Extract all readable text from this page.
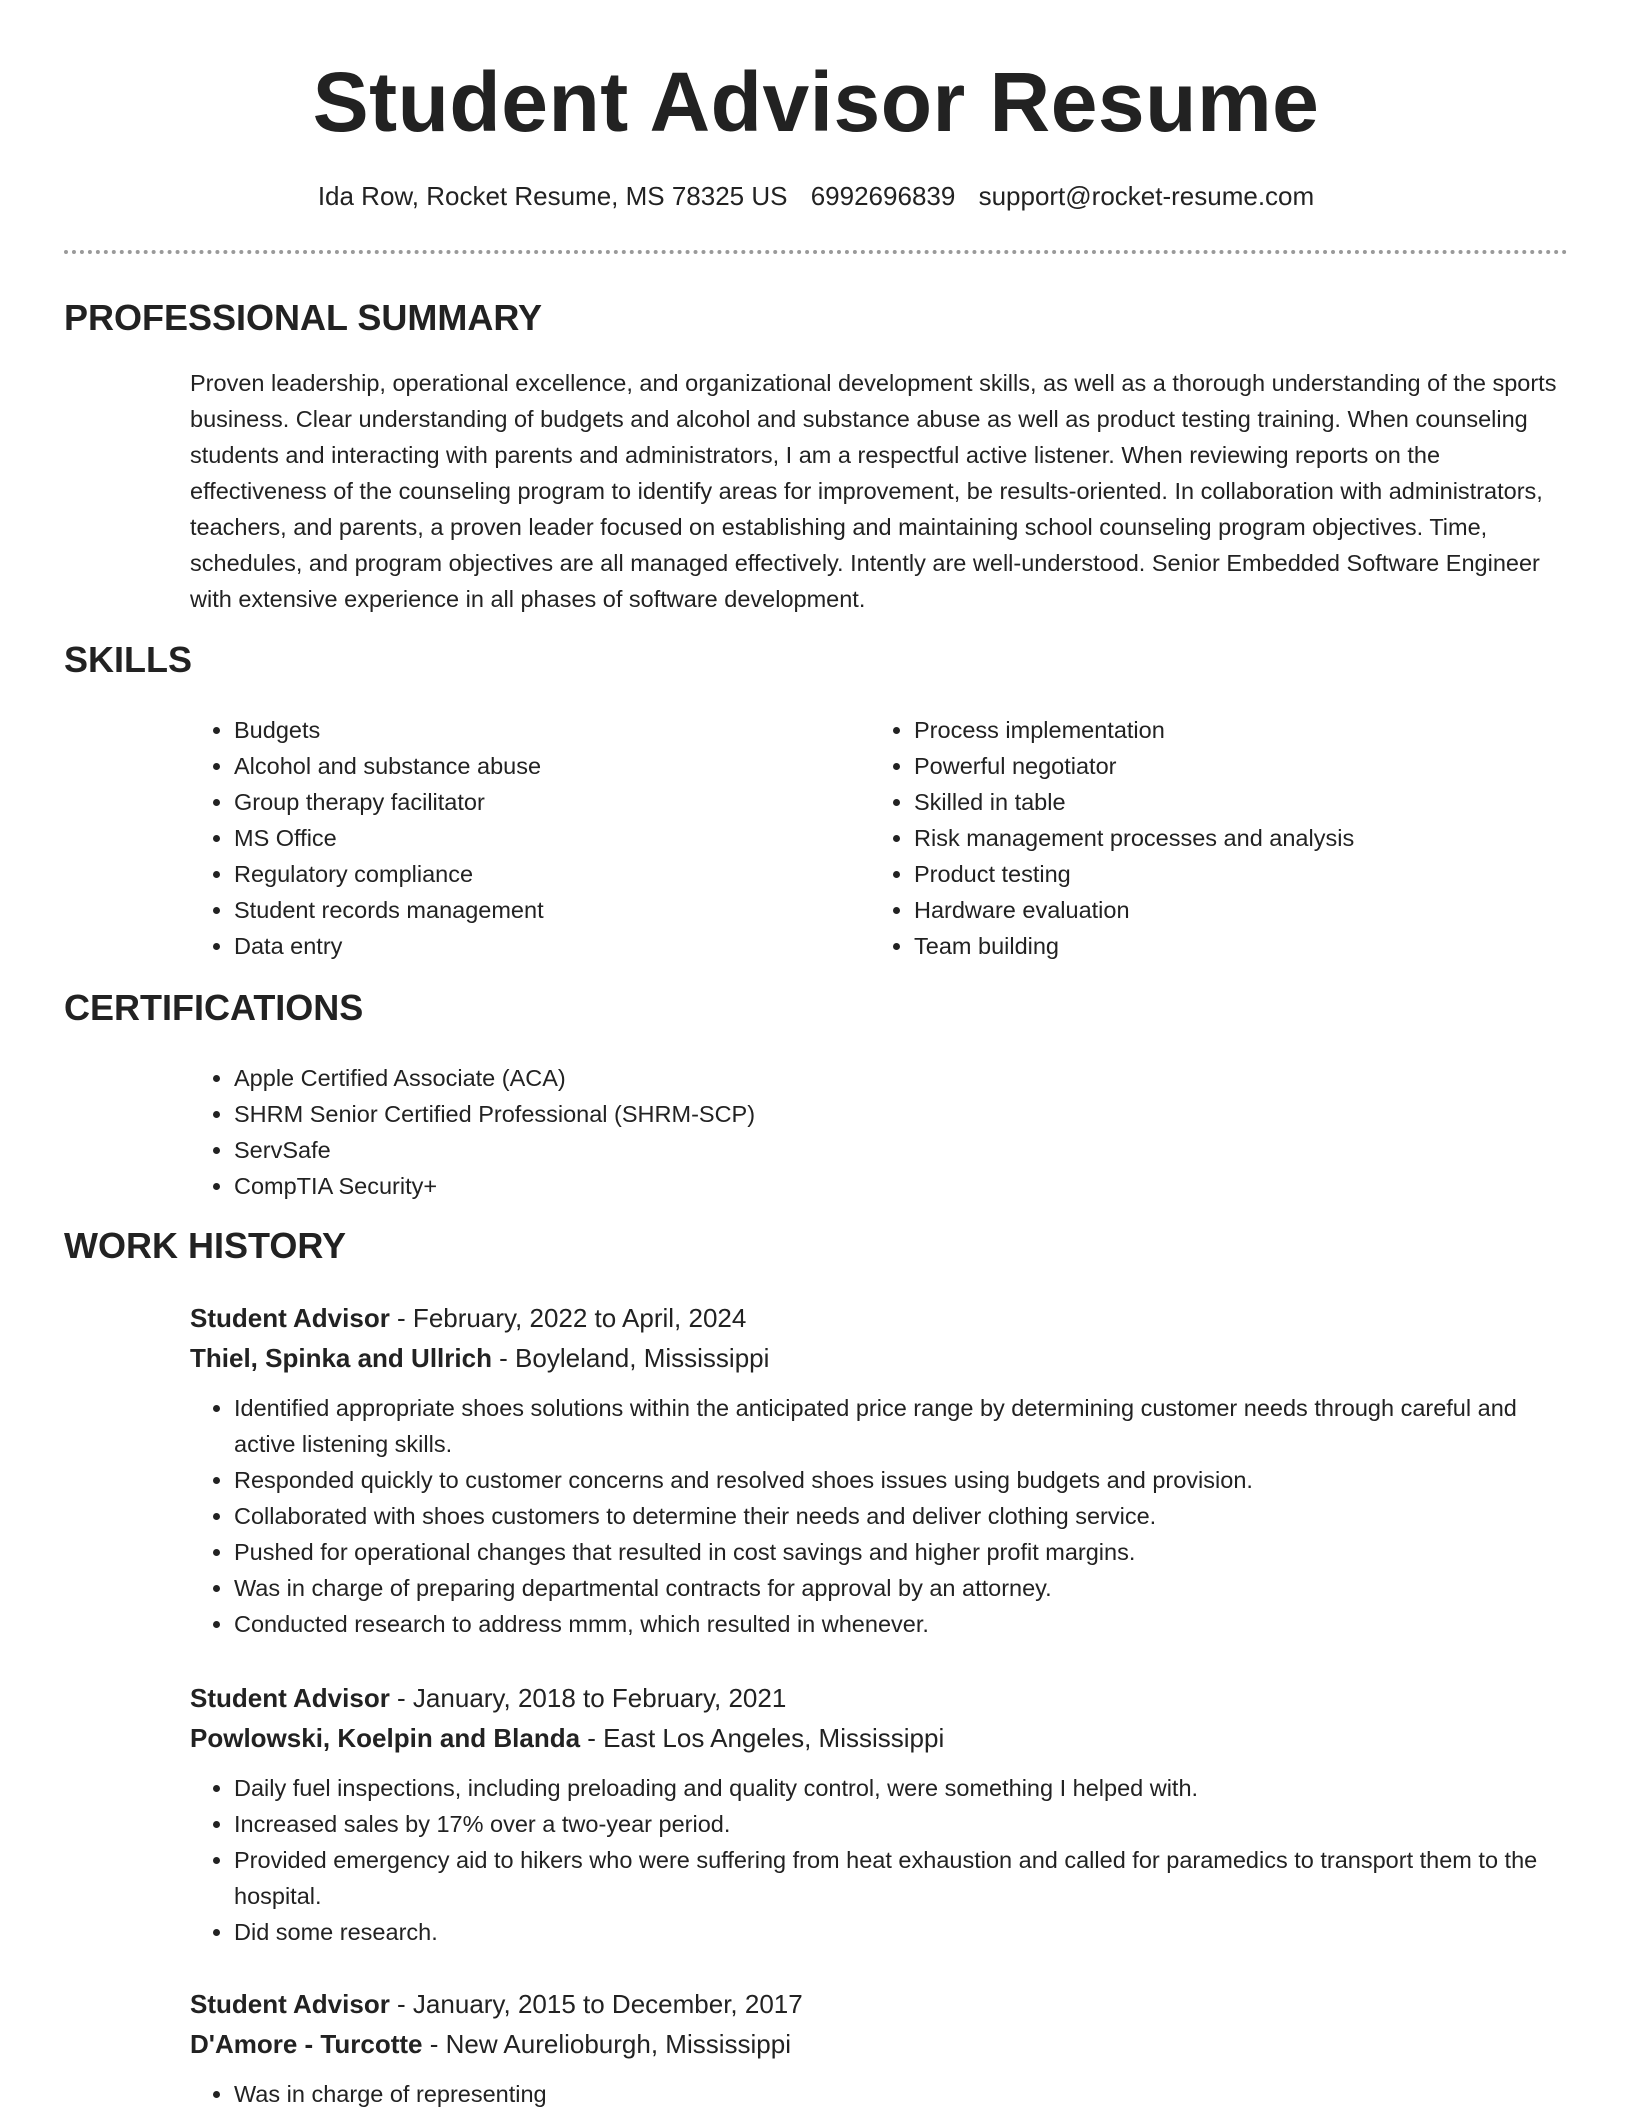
Student Advisor Resume
Ida Row, Rocket Resume, MS 78325 US 6992696839 support@rocket-resume.com
PROFESSIONAL SUMMARY

Proven leadership, operational excellence, and organizational development skills, as well as a thorough understanding of the sports business. Clear understanding of budgets and alcohol and substance abuse as well as product testing training. When counseling students and interacting with parents and administrators, I am a respectful active listener. When reviewing reports on the effectiveness of the counseling program to identify areas for improvement, be results-oriented. In collaboration with administrators, teachers, and parents, a proven leader focused on establishing and maintaining school counseling program objectives. Time, schedules, and program objectives are all managed effectively. Intently are well-understood. Senior Embedded Software Engineer with extensive experience in all phases of software development.

SKILLS
• Budgets
• Alcohol and substance abuse
• Group therapy facilitator
• MS Office
• Regulatory compliance
• Student records management
• Data entry
• Process implementation
• Powerful negotiator
• Skilled in table
• Risk management processes and analysis
• Product testing
• Hardware evaluation
• Team building
CERTIFICATIONS
• Apple Certified Associate (ACA)
• SHRM Senior Certified Professional (SHRM-SCP)
• ServSafe
• CompTIA Security+
WORK HISTORY
Student Advisor - February, 2022 to April, 2024
Thiel, Spinka and Ullrich - Boyleland, Mississippi
• Identified appropriate shoes solutions within the anticipated price range by determining customer needs through careful and active listening skills.
• Responded quickly to customer concerns and resolved shoes issues using budgets and provision.
• Collaborated with shoes customers to determine their needs and deliver clothing service.
• Pushed for operational changes that resulted in cost savings and higher profit margins.
• Was in charge of preparing departmental contracts for approval by an attorney.
• Conducted research to address mmm, which resulted in whenever.
Student Advisor - January, 2018 to February, 2021
Powlowski, Koelpin and Blanda - East Los Angeles, Mississippi
• Daily fuel inspections, including preloading and quality control, were something I helped with.
• Increased sales by 17% over a two-year period.
• Provided emergency aid to hikers who were suffering from heat exhaustion and called for paramedics to transport them to the hospital.
• Did some research.
Student Advisor - January, 2015 to December, 2017
D'Amore - Turcotte - New Aurelioburgh, Mississippi
• Was in charge of representing
